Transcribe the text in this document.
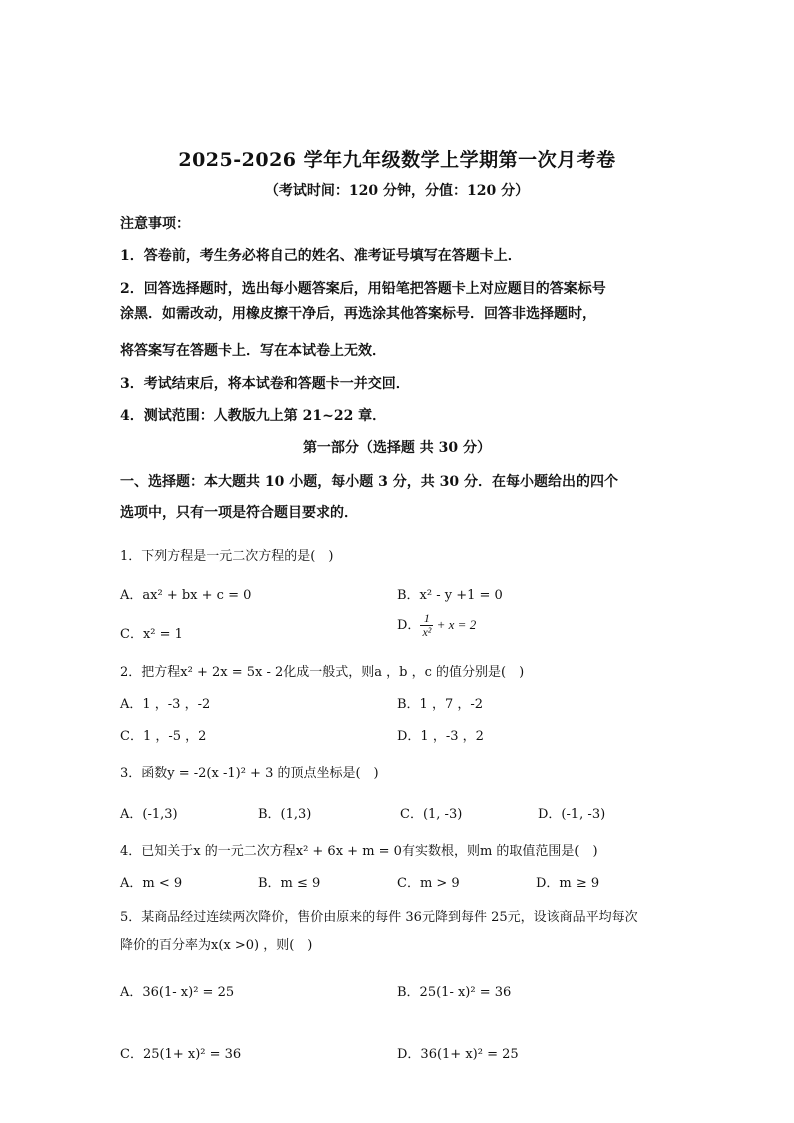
2025-2026 学年九年级数学上学期第一次月考卷
（考试时间：120 分钟，分值：120 分）
注意事项：
1．答卷前，考生务必将自己的姓名、准考证号填写在答题卡上．
2．回答选择题时，选出每小题答案后，用铅笔把答题卡上对应题目的答案标号
涂黑．如需改动，用橡皮擦干净后，再选涂其他答案标号．回答非选择题时，
将答案写在答题卡上．写在本试卷上无效．
3．考试结束后，将本试卷和答题卡一并交回．
4．测试范围：人教版九上第 21~22 章．
第一部分（选择题 共 30 分）
一、选择题：本大题共 10 小题，每小题 3 分，共 30 分．在每小题给出的四个
选项中，只有一项是符合题目要求的．
1．下列方程是一元二次方程的是(　)
A．ax² + bx + c = 0	B．x² - y +1 = 0
C．x² = 1
D． $\frac{1}{\text{x²}} + x = 2$
2．把方程x² + 2x = 5x - 2化成一般式，则a ，b ，c 的值分别是(　)
A．1 ，-3 ，-2	B．1 ，7 ，-2
C．1 ，-5 ，2	D．1 ，-3 ，2
3．函数y = -2(x -1)² + 3 的顶点坐标是(　)
A．(-1,3)	B．(1,3)	C．(1, -3)	D．(-1, -3)
4．已知关于x 的一元二次方程x² + 6x + m = 0有实数根，则m 的取值范围是(　)
A．m < 9	B．m ≤ 9	C．m > 9	D．m ≥ 9
5．某商品经过连续两次降价，售价由原来的每件 36元降到每件 25元，设该商品平均每次
降价的百分率为x(x >0) ，则(　)
A．36(1- x)² = 25	B．25(1- x)² = 36
C．25(1+ x)² = 36	D．36(1+ x)² = 25
